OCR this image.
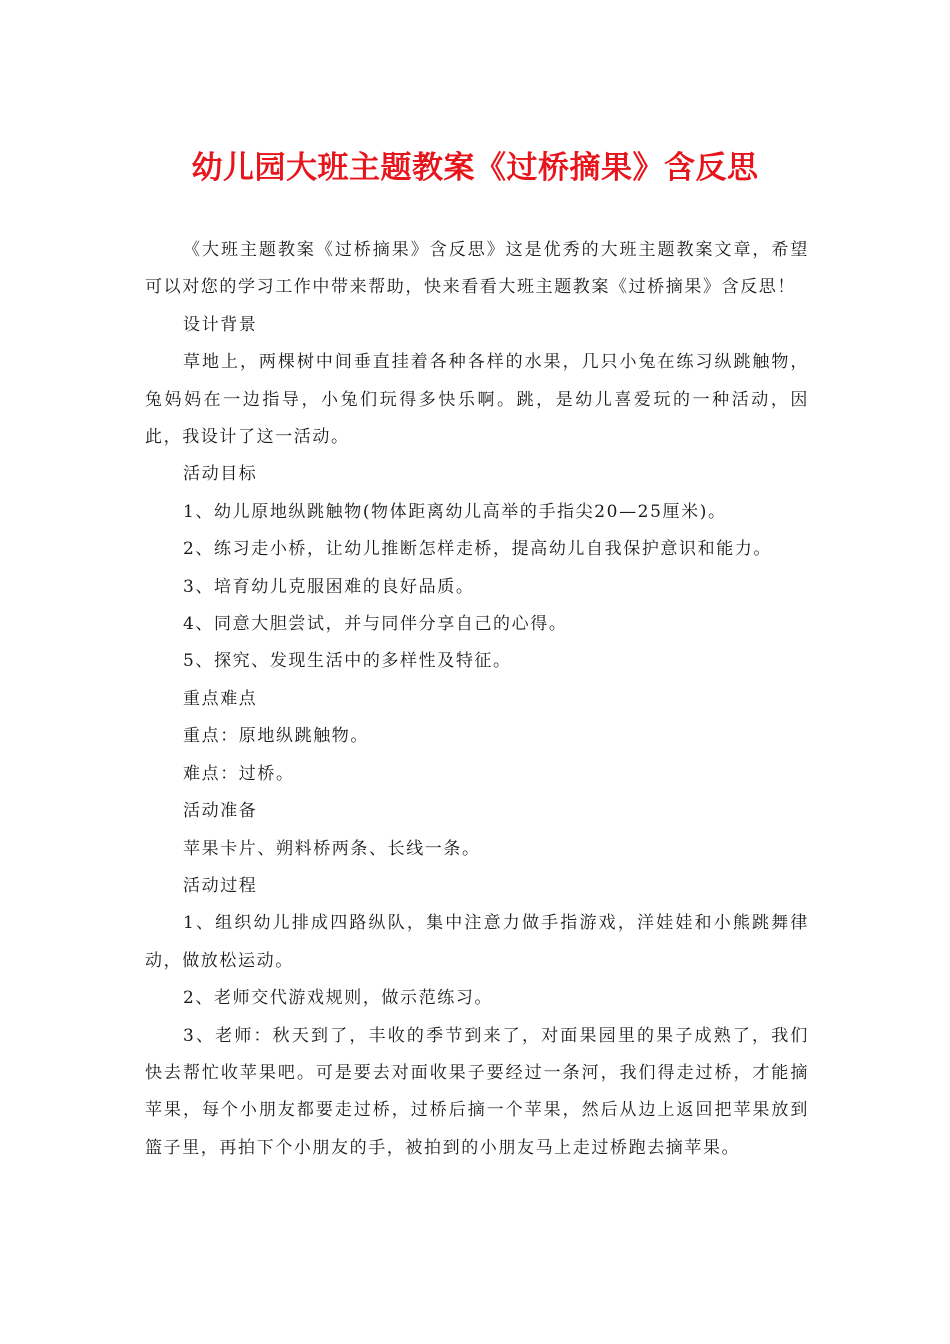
幼儿园大班主题教案《过桥摘果》含反思

《大班主题教案《过桥摘果》含反思》这是优秀的大班主题教案文章，希望可以对您的学习工作中带来帮助，快来看看大班主题教案《过桥摘果》含反思！

设计背景

草地上，两棵树中间垂直挂着各种各样的水果，几只小兔在练习纵跳触物，兔妈妈在一边指导，小兔们玩得多快乐啊。跳，是幼儿喜爱玩的一种活动，因此，我设计了这一活动。

活动目标

1、幼儿原地纵跳触物(物体距离幼儿高举的手指尖20—25厘米)。

2、练习走小桥，让幼儿推断怎样走桥，提高幼儿自我保护意识和能力。

3、培育幼儿克服困难的良好品质。

4、同意大胆尝试，并与同伴分享自己的心得。

5、探究、发现生活中的多样性及特征。

重点难点

重点：原地纵跳触物。

难点：过桥。

活动准备

苹果卡片、朔料桥两条、长线一条。

活动过程

1、组织幼儿排成四路纵队，集中注意力做手指游戏，洋娃娃和小熊跳舞律动，做放松运动。

2、老师交代游戏规则，做示范练习。

3、老师：秋天到了，丰收的季节到来了，对面果园里的果子成熟了，我们快去帮忙收苹果吧。可是要去对面收果子要经过一条河，我们得走过桥，才能摘苹果，每个小朋友都要走过桥，过桥后摘一个苹果，然后从边上返回把苹果放到篮子里，再拍下个小朋友的手，被拍到的小朋友马上走过桥跑去摘苹果。
